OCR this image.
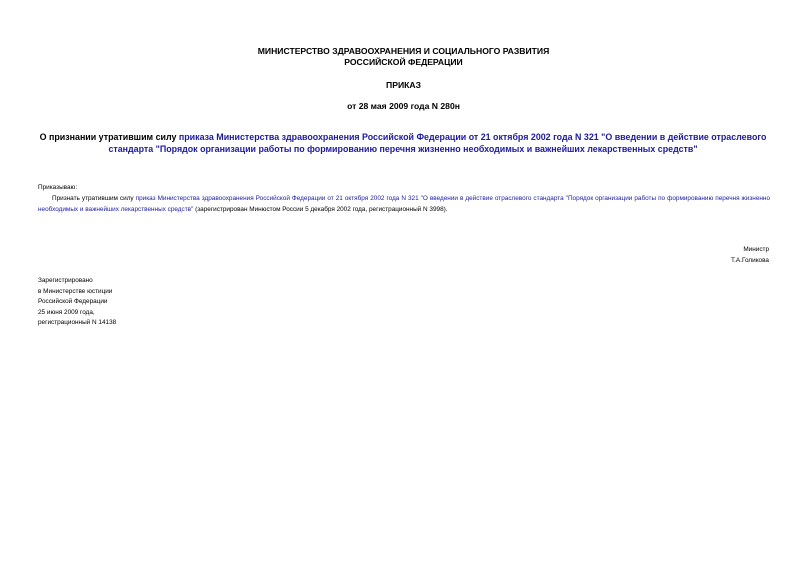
МИНИСТЕРСТВО ЗДРАВООХРАНЕНИЯ И СОЦИАЛЬНОГО РАЗВИТИЯ
РОССИЙСКОЙ ФЕДЕРАЦИИ
ПРИКАЗ
от 28 мая 2009 года N 280н
О признании утратившим силу приказа Министерства здравоохранения Российской Федерации от 21 октября 2002 года N 321 "О введении в действие отраслевого стандарта "Порядок организации работы по формированию перечня жизненно необходимых и важнейших лекарственных средств"
Приказываю:
Признать утратившим силу приказ Министерства здравоохранения Российской Федерации от 21 октября 2002 года N 321 "О введении в действие отраслевого стандарта "Порядок организации работы по формированию перечня жизненно необходимых и важнейших лекарственных средств" (зарегистрирован Минюстом России 5 декабря 2002 года, регистрационный N 3998).
Министр
Т.А.Голикова
Зарегистрировано
в Министерстве юстиции
Российской Федерации
25 июня 2009 года,
регистрационный N 14138
